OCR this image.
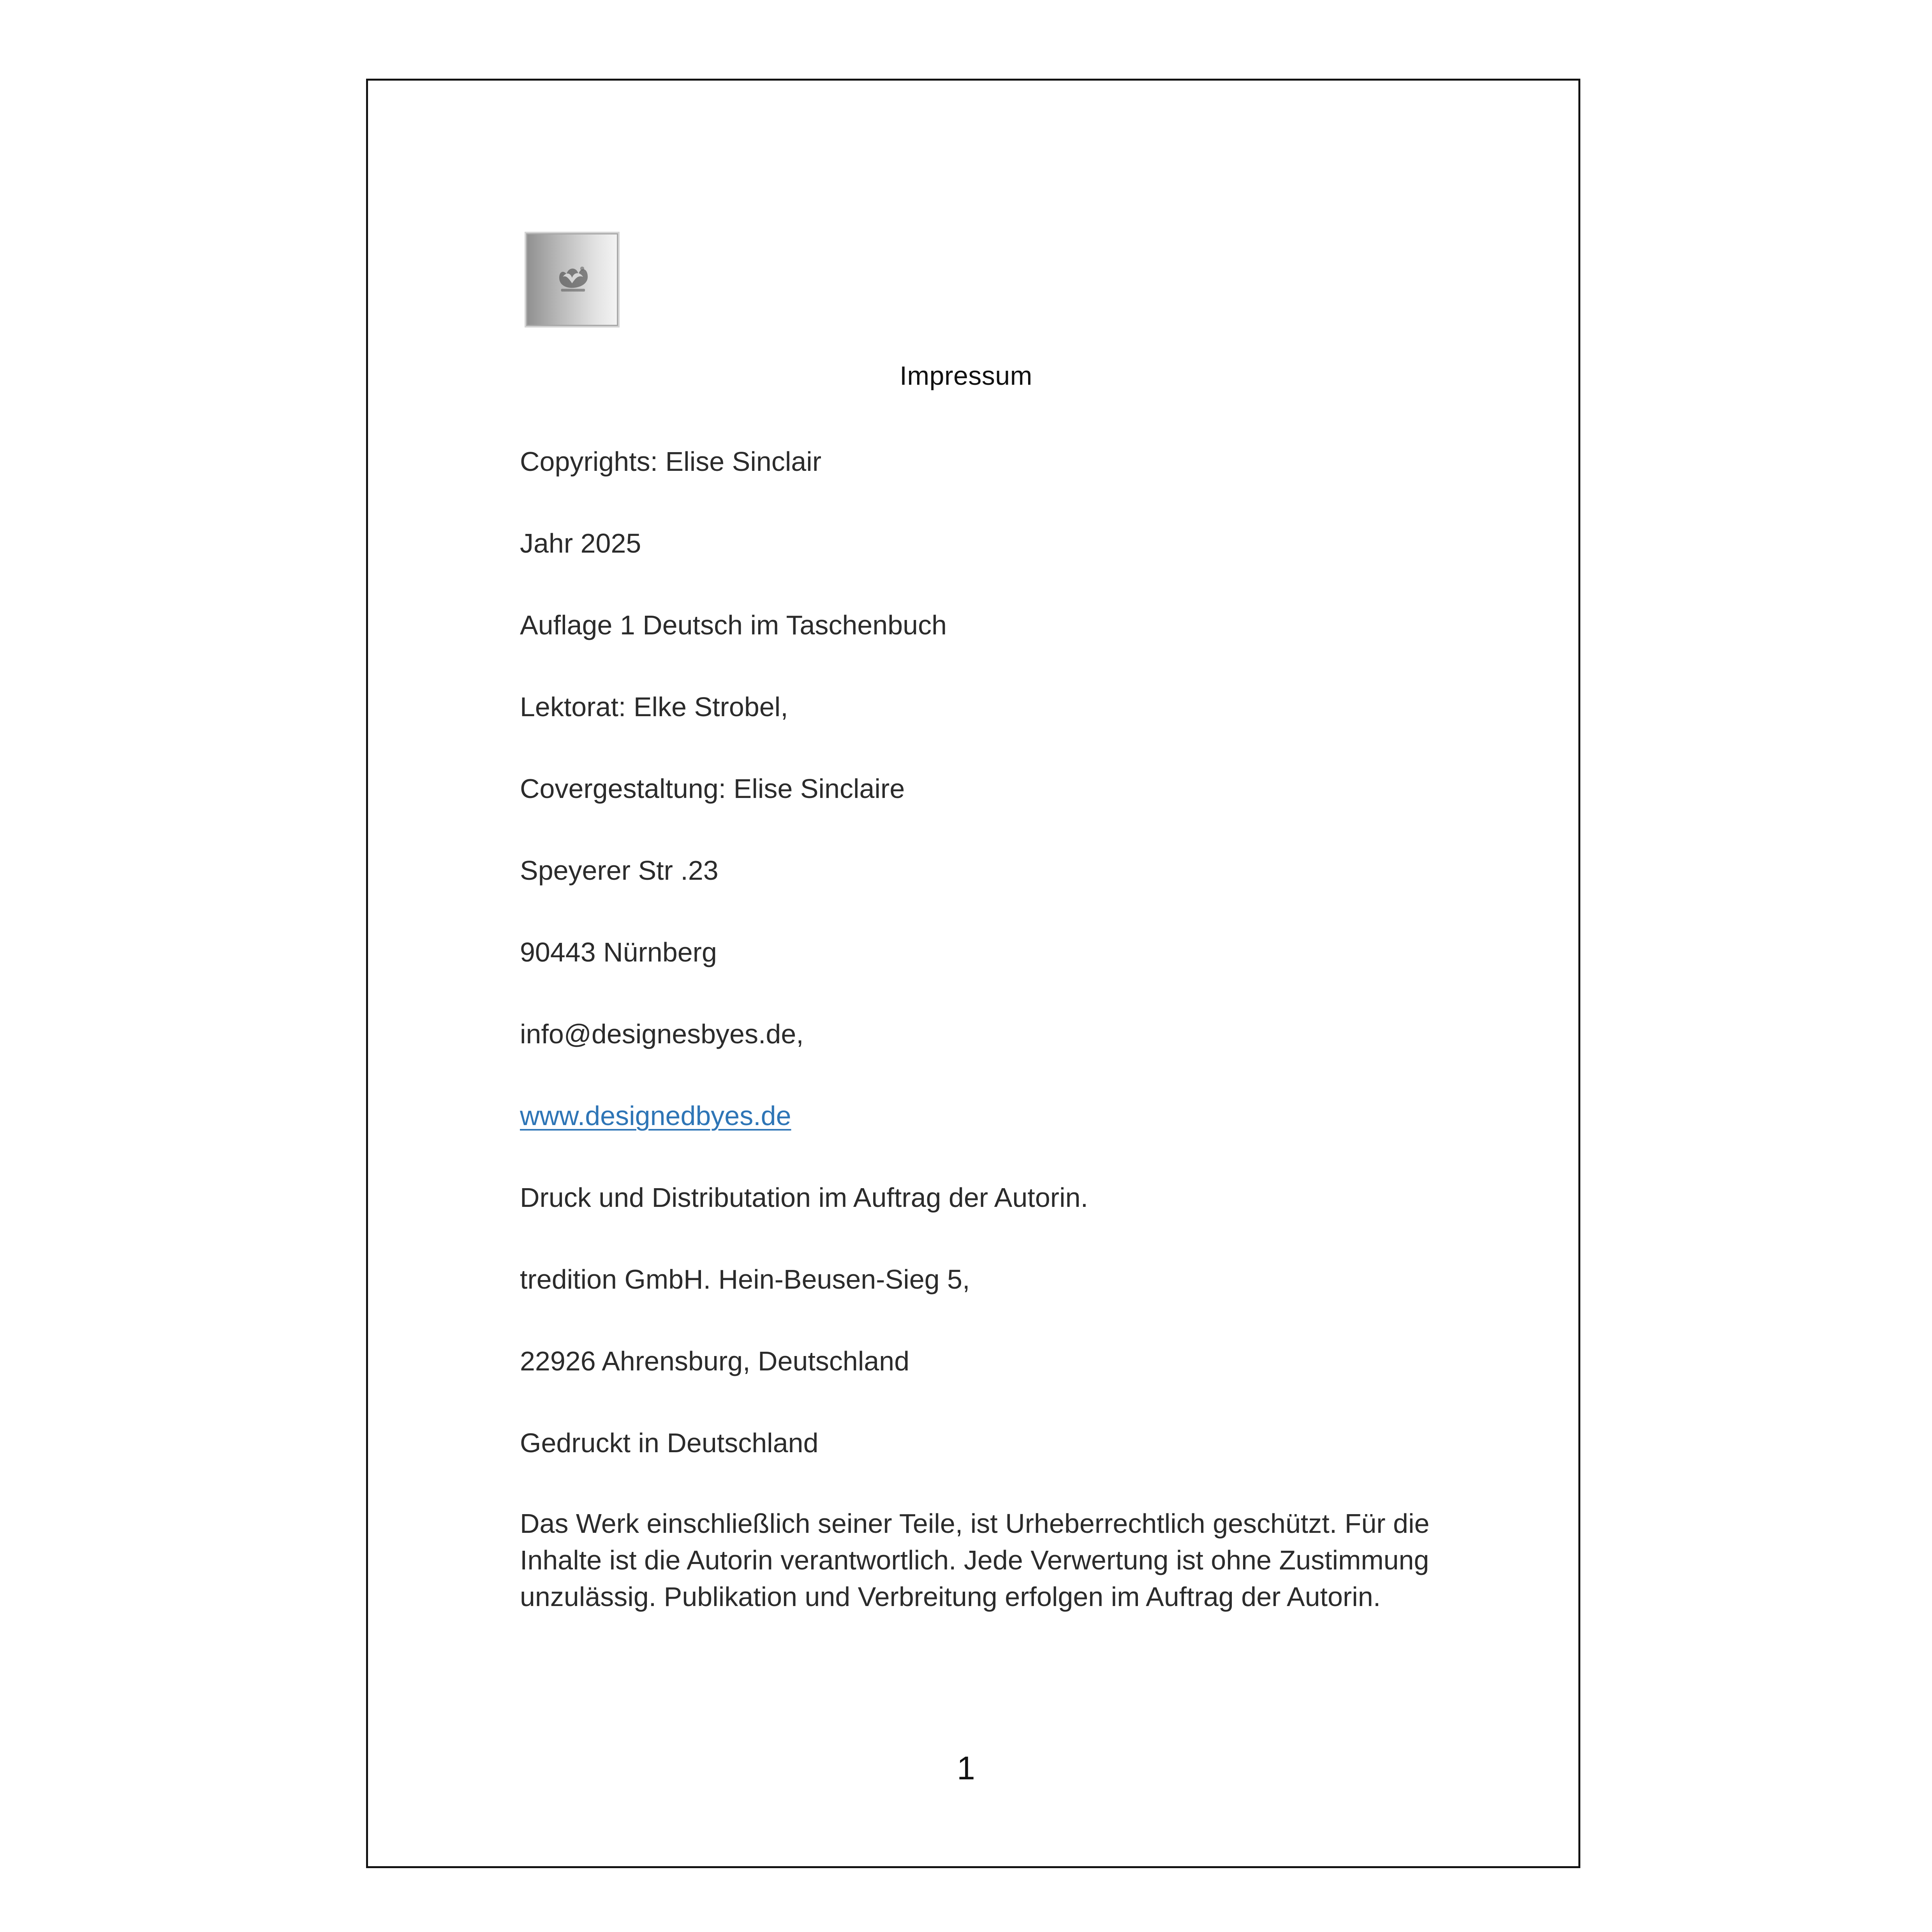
Impressum
Copyrights: Elise Sinclair
Jahr 2025
Auflage 1 Deutsch im Taschenbuch
Lektorat: Elke Strobel,
Covergestaltung: Elise Sinclaire
Speyerer Str .23
90443 Nürnberg
info@designesbyes.de,
www.designedbyes.de
Druck und Distributation im Auftrag der Autorin.
tredition GmbH. Hein-Beusen-Sieg 5,
22926 Ahrensburg, Deutschland
Gedruckt in Deutschland
Das Werk einschließlich seiner Teile, ist Urheberrechtlich geschützt. Für die Inhalte ist die Autorin verantwortlich. Jede Verwertung ist ohne Zustimmung unzulässig. Publikation und Verbreitung erfolgen im Auftrag der Autorin.
1
